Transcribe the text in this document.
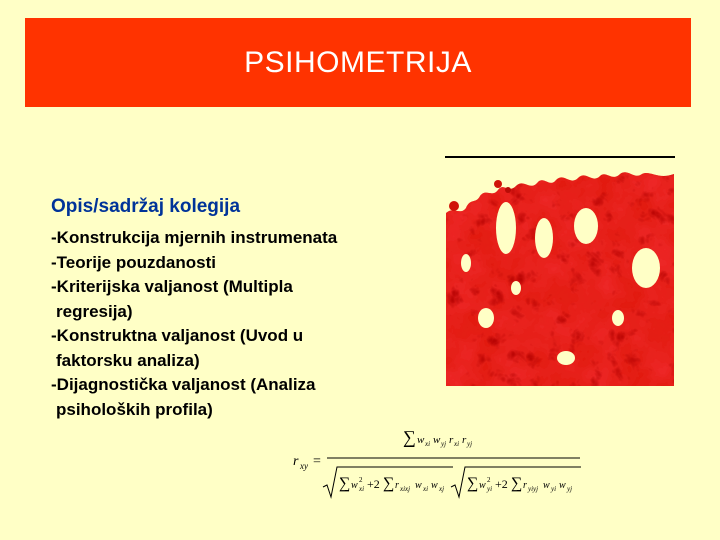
PSIHOMETRIJA
Opis/sadržaj kolegija
-Konstrukcija mjernih instrumenata
-Teorije pouzdanosti
-Kriterijska valjanost (Multipla
regresija)
-Konstruktna valjanost (Uvod u
faktorsku analiza)
-Dijagnostička valjanost (Analiza
psiholoških profila)
r xy =
∑ w xi w yj r xi r yj
∑ w 2
xi +2 ∑ r xixj w xi w xj ∑ w 2
yi +2 ∑ r yiyj w yi w yj
